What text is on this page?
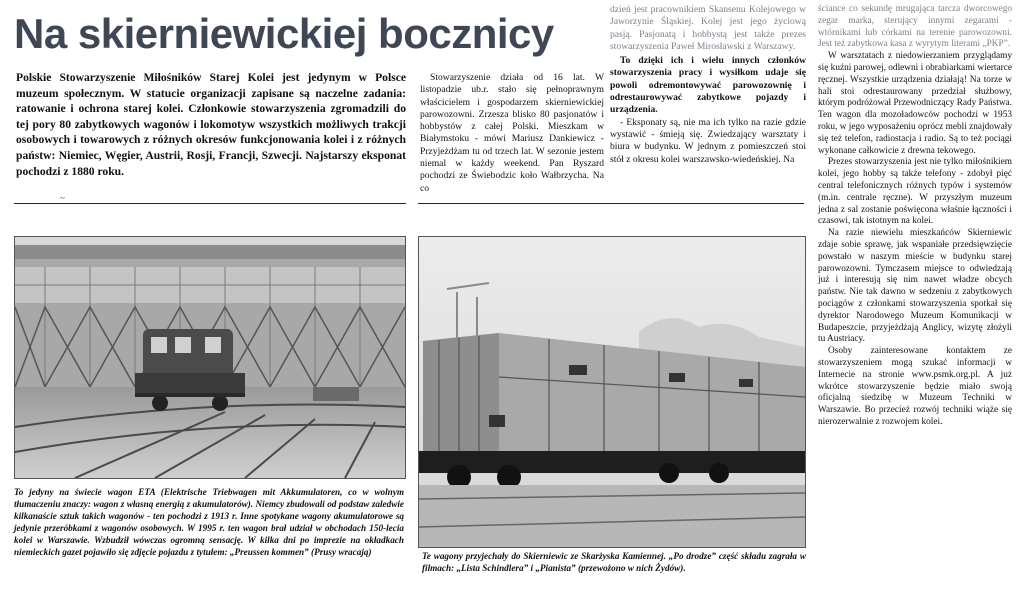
Na skierniewickiej bocznicy

Polskie Stowarzyszenie Miłośników Starej Kolei jest jedynym w Polsce muzeum społecznym. W statucie organizacji zapisane są naczelne zadania: ratowanie i ochrona starej kolei. Członkowie stowarzyszenia zgromadzili do tej pory 80 zabytkowych wagonów i lokomotyw wszystkich możliwych trakcji osobowych i towarowych z różnych okresów funkcjonowania kolei i z różnych państw: Niemiec, Węgier, Austrii, Rosji, Francji, Szwecji. Najstarszy eksponat pochodzi z 1880 roku.

Stowarzyszenie działa od 16 lat. W listopadzie ub.r. stało się pełnoprawnym właścicielem i gospodarzem skierniewickiej parowozowni. Zrzesza blisko 80 pasjonatów i hobbystów z całej Polski. Mieszkam w Białymstoku - mówi Mariusz Dankiewicz - Przyjeżdżam tu od trzech lat. W sezonie jestem niemal w każdy weekend. Pan Ryszard pochodzi ze Świebodzic koło Wałbrzycha. Na co

dzień jest pracownikiem Skansenu Kolejowego w Jaworzynie Śląskiej. Kolej jest jego życiową pasją. Pasjonatą i hobbystą jest także prezes stowarzyszenia Paweł Mirosławski z Warszawy.

To dzięki ich i wielu innych członków stowarzyszenia pracy i wysiłkom udaje się powoli odremontowywać parowozownię i odrestaurowywać zabytkowe pojazdy i urządzenia.

- Eksponaty są, nie ma ich tylko na razie gdzie wystawić - śmieją się. Zwiedzający warsztaty i biura w budynku. W jednym z pomieszczeń stoi stół z okresu kolei warszawsko-wiedeńskiej. Na

ściance co sekundę mrugająca tarcza dworcowego zegar marka, sterujący innymi zegarami - wtórnikami lub córkami na terenie parowozowni. Jest też zabytkowa kasa z wyrytym literami „PKP”.

W warsztatach z niedowierzaniem przyglądamy się kuźni parowej, odlewni i obrabiarkami wiertarce ręcznej. Wszystkie urządzenia działają! Na torze w hali stoi odrestaurowany przedział służbowy, którym podróżował Przewodniczący Rady Państwa. Ten wagon dla mozoładowców pochodzi w 1953 roku, w jego wyposażeniu oprócz mebli znajdowały się też telefon, radiostacja i radio. Są to też pociągi wykonane całkowicie z drewna tekowego.

Prezes stowarzyszenia jest nie tylko miłośnikiem kolei, jego hobby są także telefony - zdobył pięć central telefonicznych różnych typów i systemów (m.in. centrale ręczne). W przyszłym muzeum jedna z sal zostanie poświęcona właśnie łączności i czasowi, tak istotnym na kolei.

Na razie niewielu mieszkańców Skierniewic zdaje sobie sprawę, jak wspaniałe przedsięwzięcie powstało w naszym mieście w budynku starej parowozowni. Tymczasem miejsce to odwiedzają już i interesują się nim nawet władze obcych państw. Nie tak dawno w sedzeniu z zabytkowych pociągów z członkami stowarzyszenia spotkał się dyrektor Narodowego Muzeum Komunikacji w Budapeszcie, przyjeżdżają Anglicy, wizytę złożyli tu Austriacy.

Osoby zainteresowane kontaktem ze stowarzyszeniem mogą szukać informacji w Internecie na stronie www.psmk.org.pl. A już wkrótce stowarzyszenie będzie miało swoją oficjalną siedzibę w Muzeum Techniki w Warszawie. Bo przecież rozwój techniki wiąże się nierozerwalnie z rozwojem kolei.

~

To jedyny na świecie wagon ETA (Elektrische Triebwagen mit Akkumulatoren, co w wolnym tłumaczeniu znaczy: wagon z własną energią z akumulatorów). Niemcy zbudowali od podstaw zaledwie kilkanaście sztuk takich wagonów - ten pochodzi z 1913 r. Inne spotykane wagony akumulatorowe są jedynie przeróbkami z wagonów osobowych. W 1995 r. ten wagon brał udział w obchodach 150-lecia kolei w Warszawie. Wzbudził wówczas ogromną sensację. W kilka dni po imprezie na okładkach niemieckich gazet pojawiło się zdjęcie pojazdu z tytułem: „Preussen kommen” (Prusy wracają)	Te wagony przyjechały do Skierniewic ze Skarżyska Kamiennej. „Po drodze” część składu zagrała w filmach: „Lista Schindlera” i „Pianista” (przewożono w nich Żydów).
